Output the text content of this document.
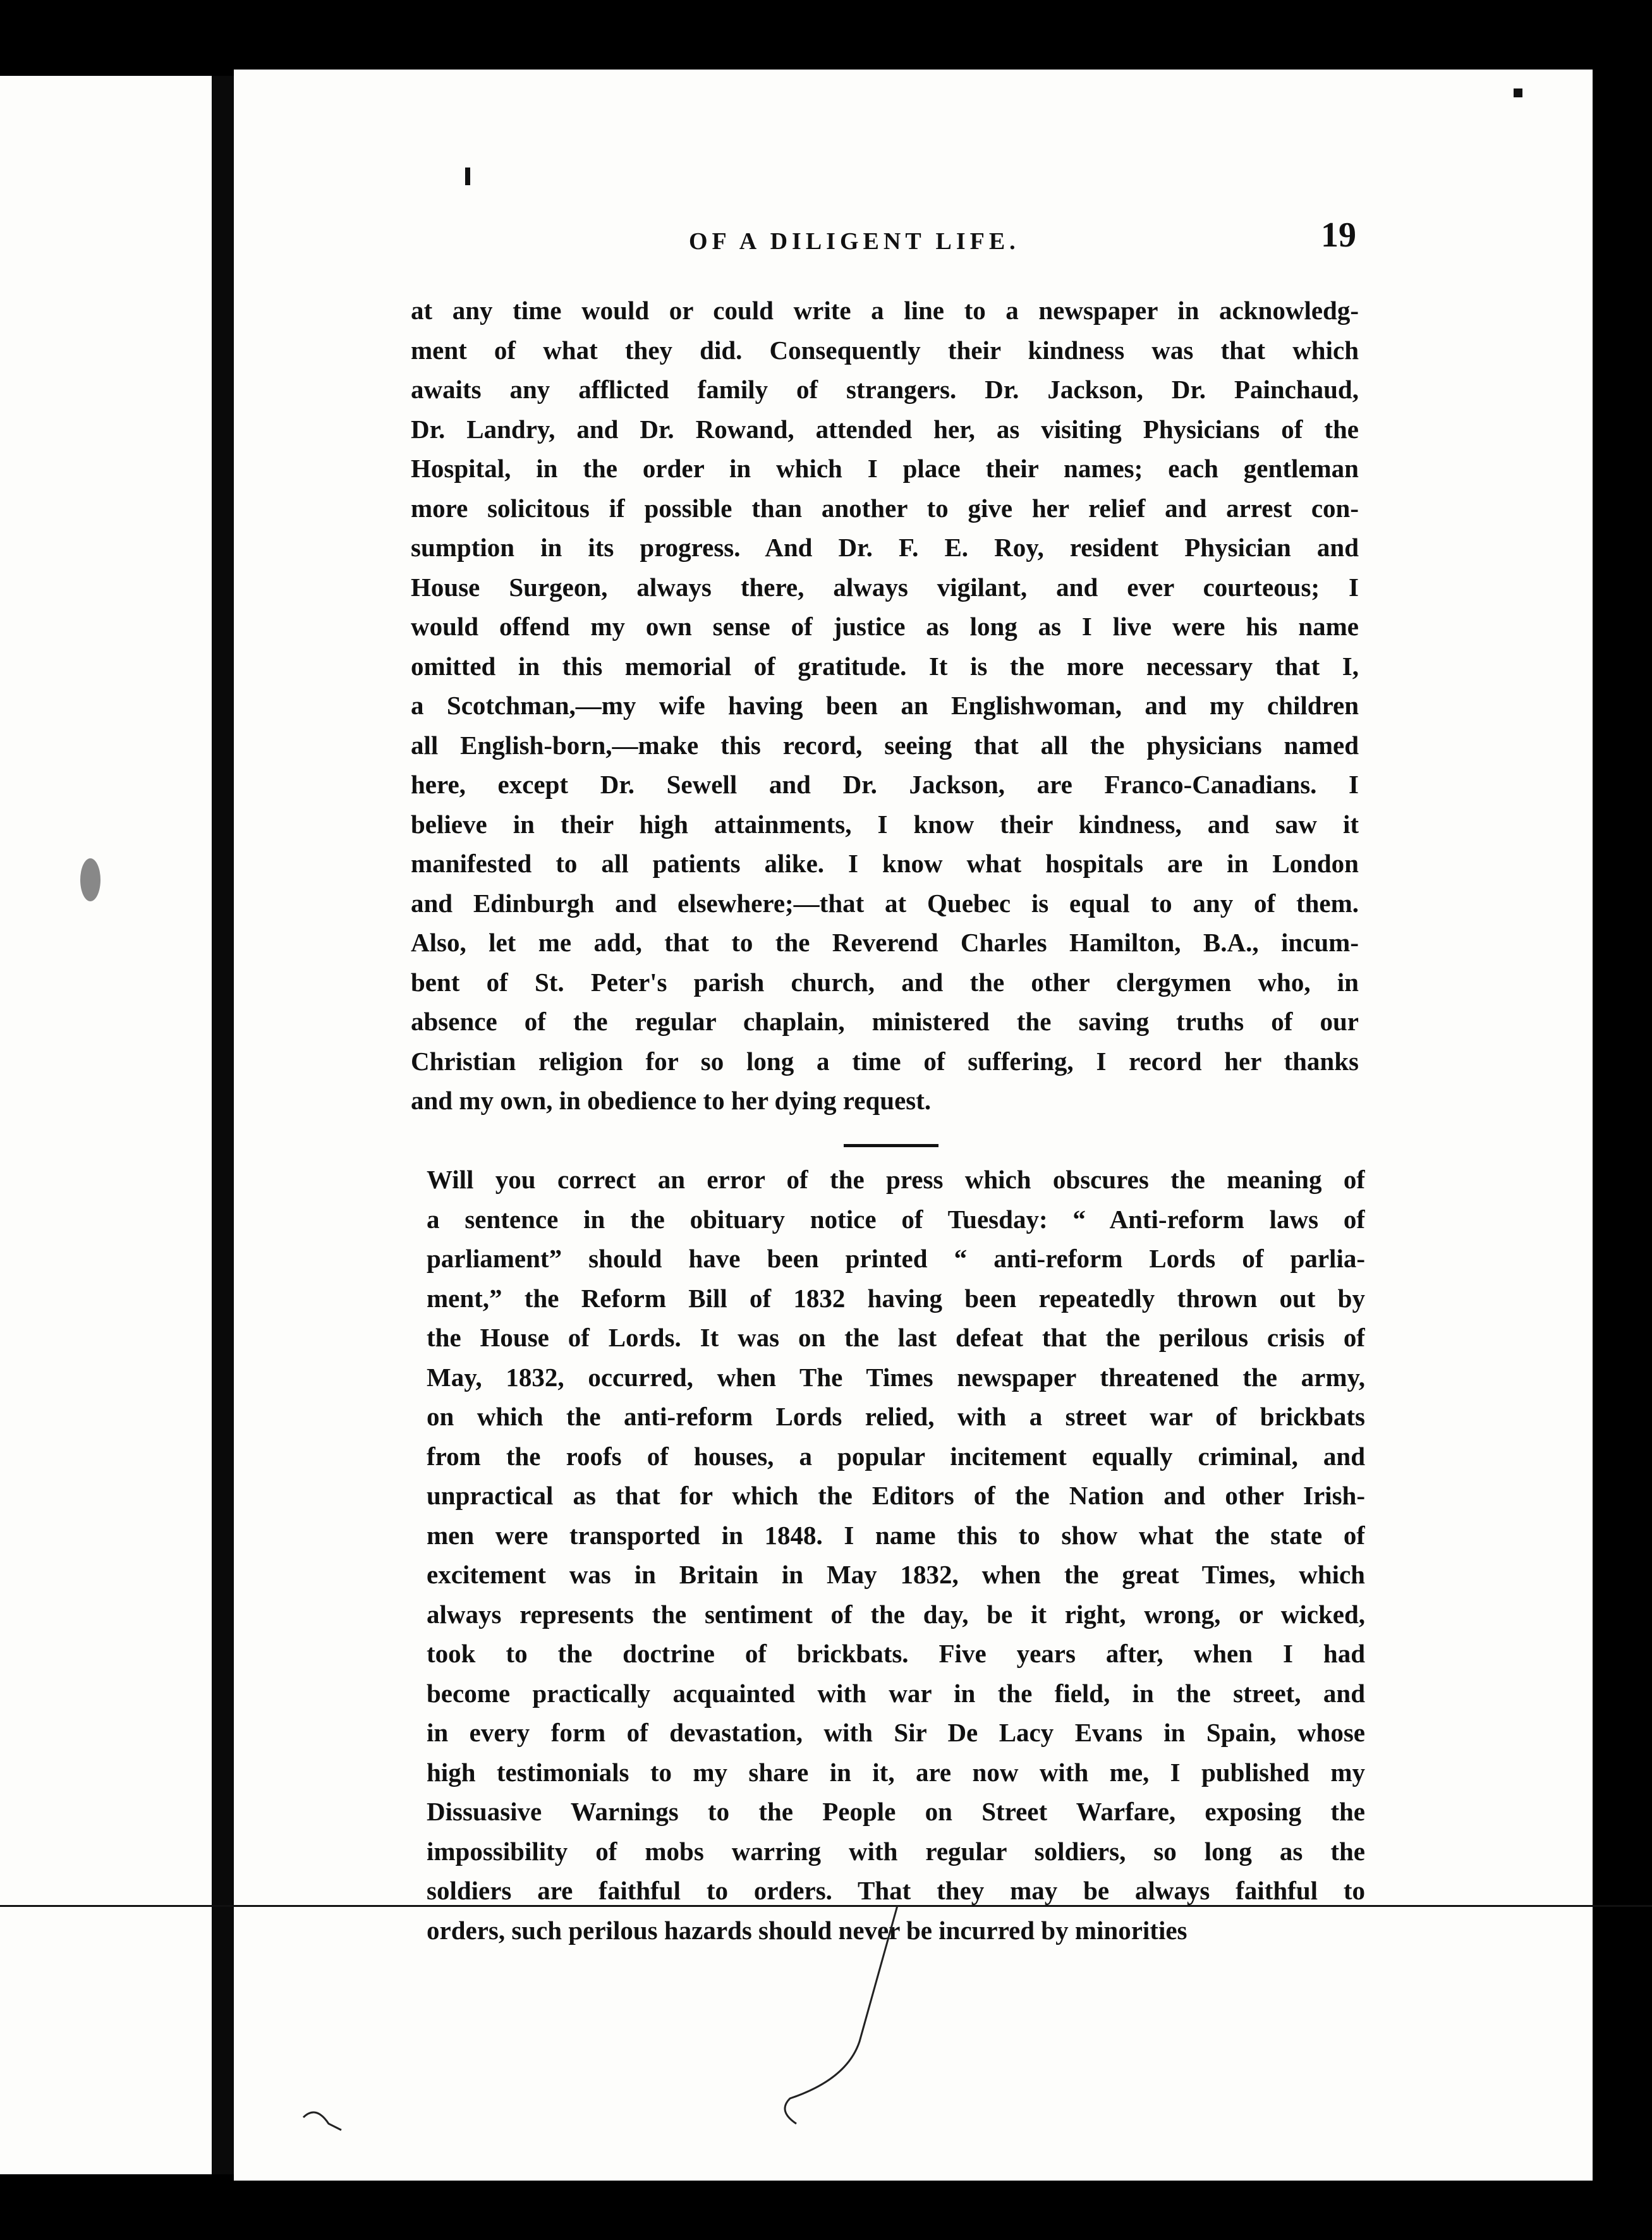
OF A DILIGENT LIFE.	19
at any time would or could write a line to a newspaper in acknowledg-
ment of what they did. Consequently their kindness was that which
awaits any afflicted family of strangers. Dr. Jackson, Dr. Painchaud,
Dr. Landry, and Dr. Rowand, attended her, as visiting Physicians of the
Hospital, in the order in which I place their names; each gentleman
more solicitous if possible than another to give her relief and arrest con-
sumption in its progress. And Dr. F. E. Roy, resident Physician and
House Surgeon, always there, always vigilant, and ever courteous; I
would offend my own sense of justice as long as I live were his name
omitted in this memorial of gratitude. It is the more necessary that I,
a Scotchman,—my wife having been an Englishwoman, and my children
all English-born,—make this record, seeing that all the physicians named
here, except Dr. Sewell and Dr. Jackson, are Franco-Canadians. I
believe in their high attainments, I know their kindness, and saw it
manifested to all patients alike. I know what hospitals are in London
and Edinburgh and elsewhere;—that at Quebec is equal to any of them.
Also, let me add, that to the Reverend Charles Hamilton, B.A., incum-
bent of St. Peter's parish church, and the other clergymen who, in
absence of the regular chaplain, ministered the saving truths of our
Christian religion for so long a time of suffering, I record her thanks
and my own, in obedience to her dying request.
Will you correct an error of the press which obscures the meaning of
a sentence in the obituary notice of Tuesday: “ Anti-reform laws of
parliament” should have been printed “ anti-reform Lords of parlia-
ment,” the Reform Bill of 1832 having been repeatedly thrown out by
the House of Lords. It was on the last defeat that the perilous crisis of
May, 1832, occurred, when The Times newspaper threatened the army,
on which the anti-reform Lords relied, with a street war of brickbats
from the roofs of houses, a popular incitement equally criminal, and
unpractical as that for which the Editors of the Nation and other Irish-
men were transported in 1848. I name this to show what the state of
excitement was in Britain in May 1832, when the great Times, which
always represents the sentiment of the day, be it right, wrong, or wicked,
took to the doctrine of brickbats. Five years after, when I had
become practically acquainted with war in the field, in the street, and
in every form of devastation, with Sir De Lacy Evans in Spain, whose
high testimonials to my share in it, are now with me, I published my
Dissuasive Warnings to the People on Street Warfare, exposing the
impossibility of mobs warring with regular soldiers, so long as the
soldiers are faithful to orders. That they may be always faithful to
orders, such perilous hazards should never be incurred by minorities
